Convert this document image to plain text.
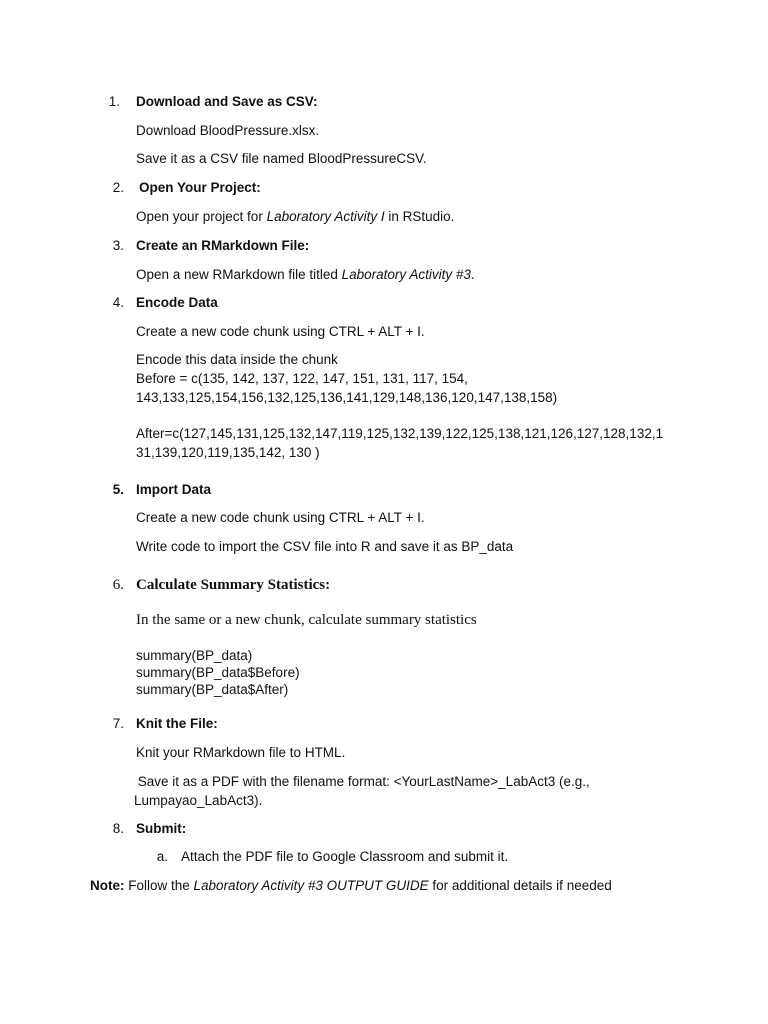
1. Download and Save as CSV:
Download BloodPressure.xlsx.
Save it as a CSV file named BloodPressureCSV.
2. Open Your Project:
Open your project for Laboratory Activity I in RStudio.
3. Create an RMarkdown File:
Open a new RMarkdown file titled Laboratory Activity #3.
4. Encode Data
Create a new code chunk using CTRL + ALT + I.
Encode this data inside the chunk
Before = c(135, 142, 137, 122, 147, 151, 131, 117, 154,
143,133,125,154,156,132,125,136,141,129,148,136,120,147,138,158)
After=c(127,145,131,125,132,147,119,125,132,139,122,125,138,121,126,127,128,132,1
31,139,120,119,135,142, 130 )
5. Import Data
Create a new code chunk using CTRL + ALT + I.
Write code to import the CSV file into R and save it as BP_data
6. Calculate Summary Statistics:
In the same or a new chunk, calculate summary statistics
summary(BP_data)
summary(BP_data$Before)
summary(BP_data$After)
7. Knit the File:
Knit your RMarkdown file to HTML.
Save it as a PDF with the filename format: <YourLastName>_LabAct3 (e.g.,
Lumpayao_LabAct3).
8. Submit:
a. Attach the PDF file to Google Classroom and submit it.
Note: Follow the Laboratory Activity #3 OUTPUT GUIDE for additional details if needed
